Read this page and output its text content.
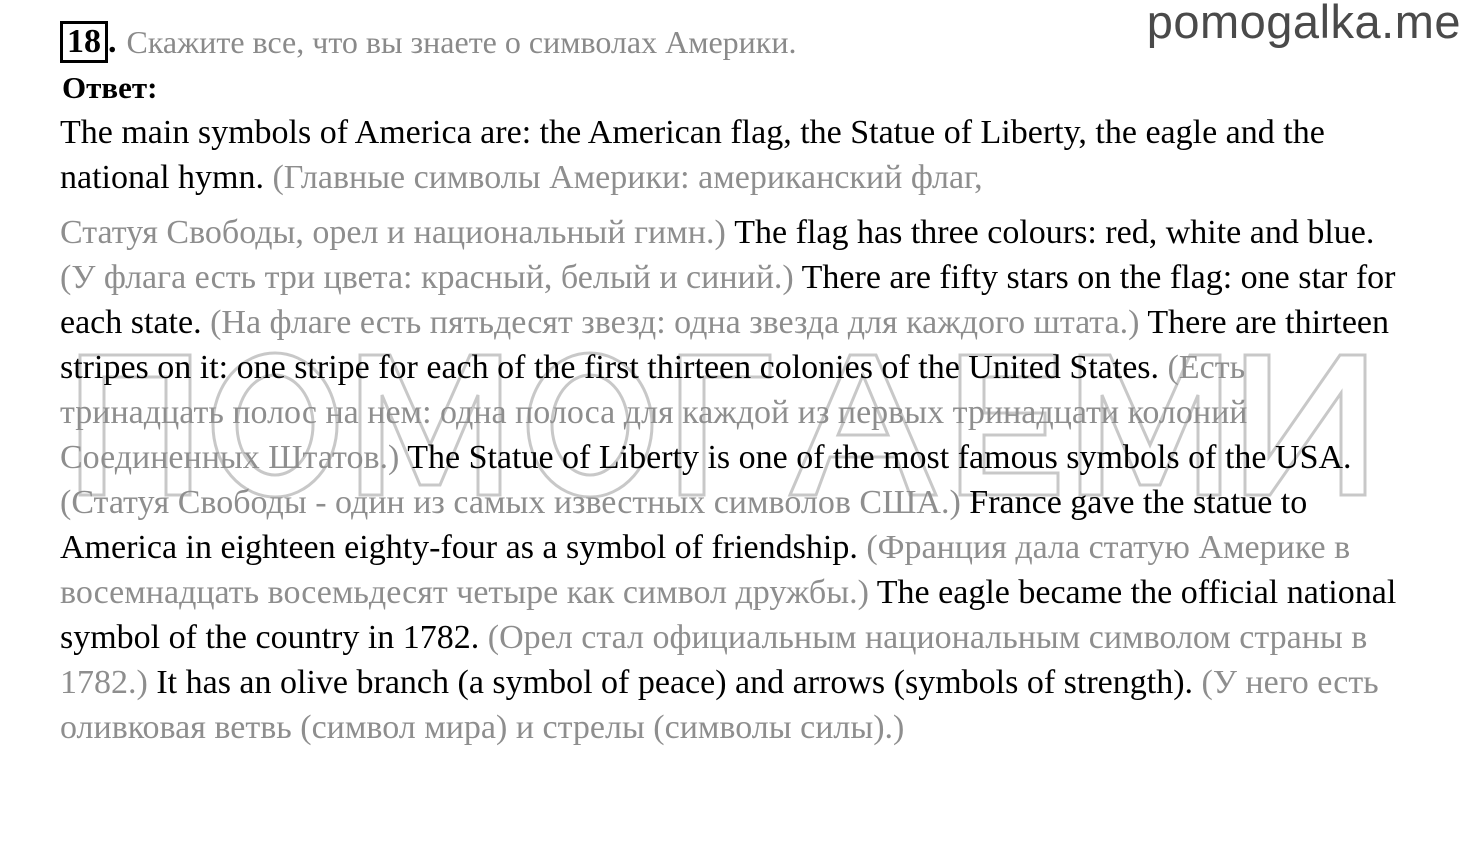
pomogalka.me
18 . Скажите все, что вы знаете о символах Америки.
Ответ:

The main symbols of America are: the American flag, the Statue of Liberty, the eagle and the national hymn. (Главные символы Америки: американский флаг,

Статуя Свободы, орел и национальный гимн.) The flag has three colours: red, white and blue. (У флага есть три цвета: красный, белый и синий.) There are fifty stars on the flag: one star for each state. (На флаге есть пятьдесят звезд: одна звезда для каждого штата.) There are thirteen stripes on it: one stripe for each of the first thirteen colonies of the United States. (Есть тринадцать полос на нем: одна полоса для каждой из первых тринадцати колоний Соединенных Штатов.) The Statue of Liberty is one of the most famous symbols of the USA. (Статуя Свободы - один из самых известных символов США.) France gave the statue to America in eighteen eighty-four as a symbol of friendship. (Франция дала статую Америке в восемнадцать восемьдесят четыре как символ дружбы.) The eagle became the official national symbol of the country in 1782. (Орел стал официальным национальным символом страны в 1782.) It has an olive branch (a symbol of peace) and arrows (symbols of strength). (У него есть оливковая ветвь (символ мира) и стрелы (символы силы).)
